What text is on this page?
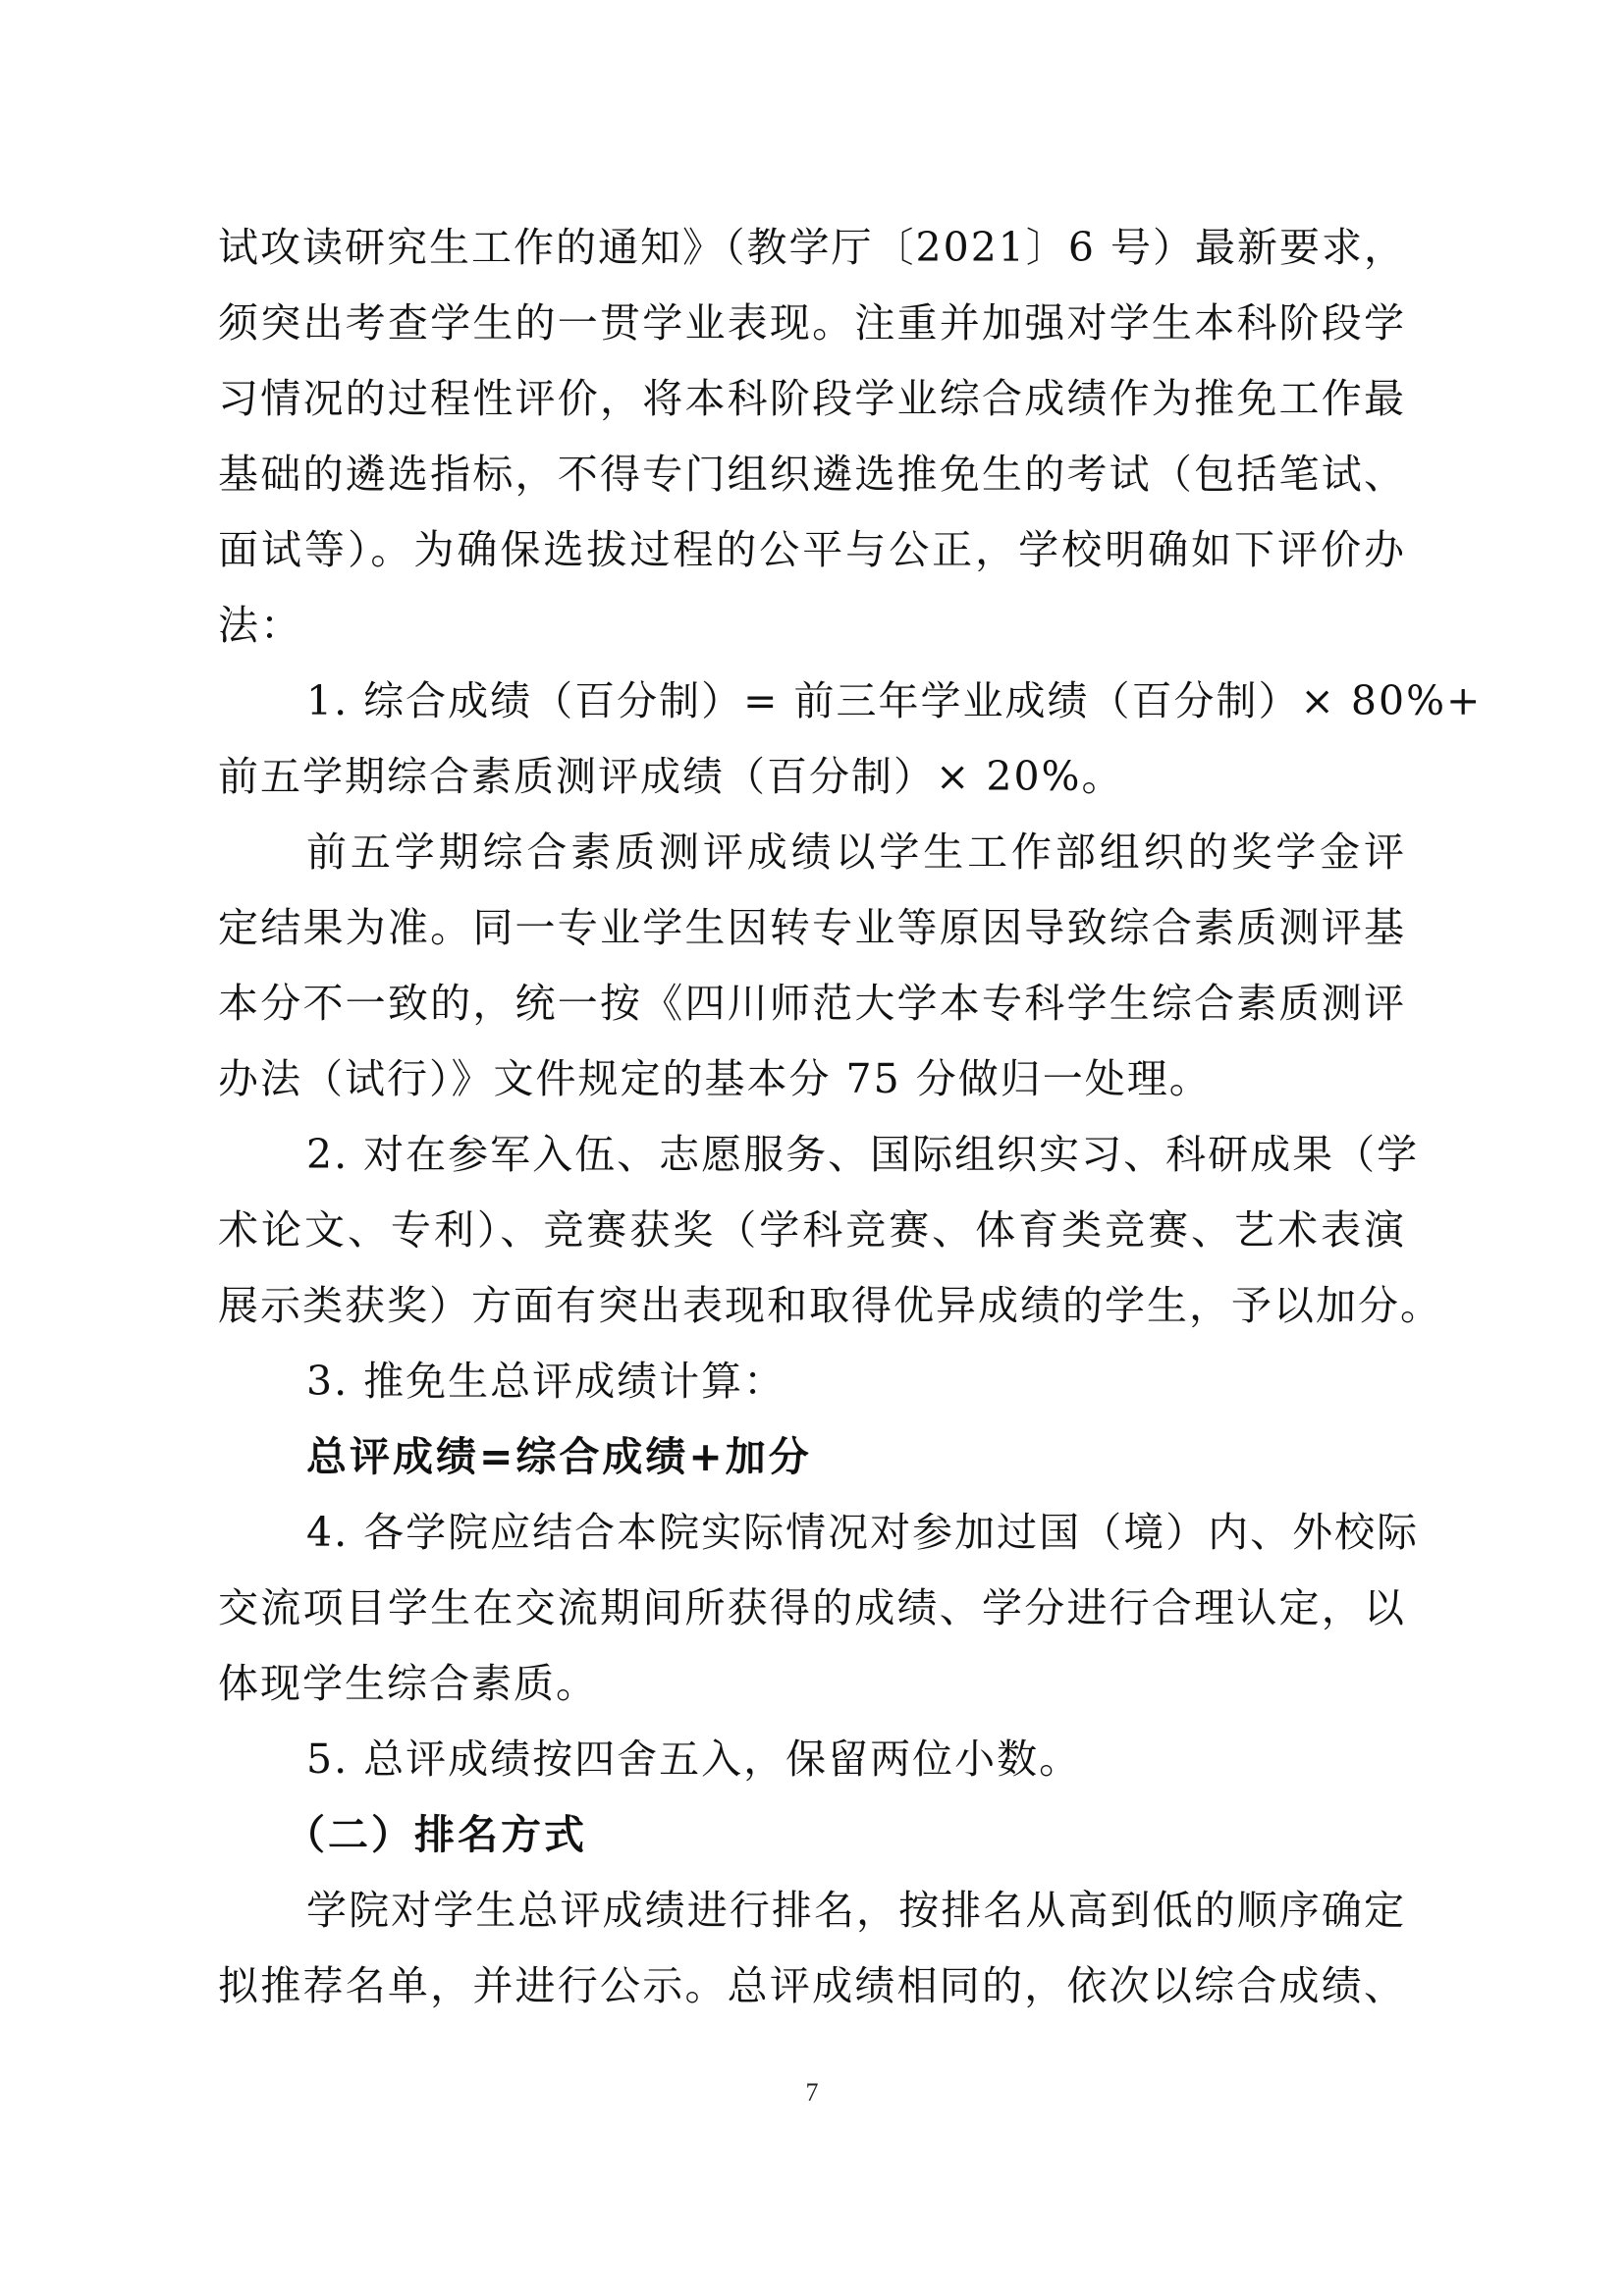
试攻读研究生工作的通知》（教学厅〔2021〕6 号）最新要求，
须突出考查学生的一贯学业表现。注重并加强对学生本科阶段学
习情况的过程性评价，将本科阶段学业综合成绩作为推免工作最
基础的遴选指标，不得专门组织遴选推免生的考试（包括笔试、
面试等）。为确保选拔过程的公平与公正，学校明确如下评价办
法：
1. 综合成绩（百分制）= 前三年学业成绩（百分制）× 80%+
前五学期综合素质测评成绩（百分制）× 20%。
前五学期综合素质测评成绩以学生工作部组织的奖学金评
定结果为准。同一专业学生因转专业等原因导致综合素质测评基
本分不一致的，统一按《四川师范大学本专科学生综合素质测评
办法（试行）》文件规定的基本分 75 分做归一处理。
2. 对在参军入伍、志愿服务、国际组织实习、科研成果（学
术论文、专利）、竞赛获奖（学科竞赛、体育类竞赛、艺术表演
展示类获奖）方面有突出表现和取得优异成绩的学生，予以加分。
3. 推免生总评成绩计算：
总评成绩=综合成绩+加分
4. 各学院应结合本院实际情况对参加过国（境）内、外校际
交流项目学生在交流期间所获得的成绩、学分进行合理认定，以
体现学生综合素质。
5. 总评成绩按四舍五入，保留两位小数。
（二）排名方式
学院对学生总评成绩进行排名，按排名从高到低的顺序确定
拟推荐名单，并进行公示。总评成绩相同的，依次以综合成绩、
7
